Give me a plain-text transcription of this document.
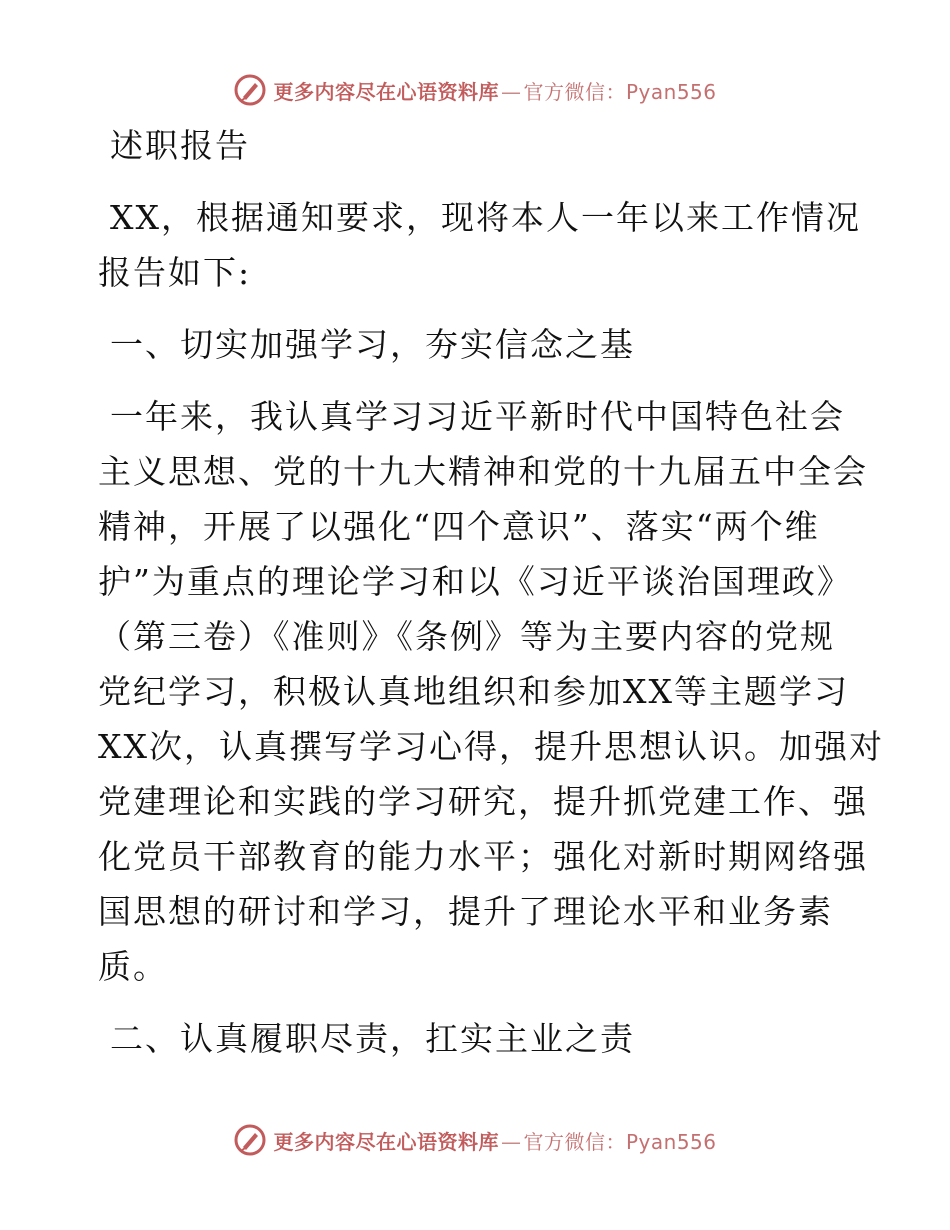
更多内容尽在心语资料库 — 官方微信：Pyan556
述职报告
XX，根据通知要求，现将本人一年以来工作情况
报告如下:
一、切实加强学习，夯实信念之基
一年来，我认真学习习近平新时代中国特色社会
主义思想、党的十九大精神和党的十九届五中全会
精神，开展了以强化“四个意识”、落实“两个维
护”为重点的理论学习和以《习近平谈治国理政》
（第三卷）《准则》《条例》等为主要内容的党规
党纪学习，积极认真地组织和参加XX等主题学习
XX次，认真撰写学习心得，提升思想认识。加强对
党建理论和实践的学习研究，提升抓党建工作、强
化党员干部教育的能力水平；强化对新时期网络强
国思想的研讨和学习，提升了理论水平和业务素
质。
二、认真履职尽责，扛实主业之责
更多内容尽在心语资料库 — 官方微信：Pyan556
